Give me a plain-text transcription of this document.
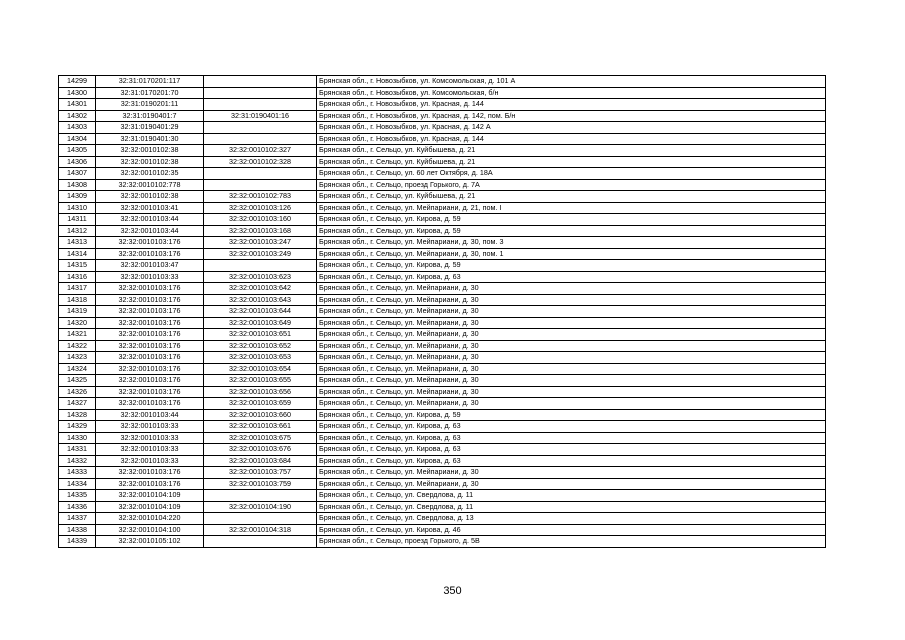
14299	32:31:0170201:117		Брянская обл., г. Новозыбков, ул. Комсомольская, д. 101 А
14300	32:31:0170201:70		Брянская обл., г. Новозыбков, ул. Комсомольская, б/н
14301	32:31:0190201:11		Брянская обл., г. Новозыбков, ул. Красная, д. 144
14302	32:31:0190401:7	32:31:0190401:16	Брянская обл., г. Новозыбков, ул. Красная, д. 142, пом. Б/н
14303	32:31:0190401:29		Брянская обл., г. Новозыбков, ул. Красная, д. 142 А
14304	32:31:0190401:30		Брянская обл., г. Новозыбков, ул. Красная, д. 144
14305	32:32:0010102:38	32:32:0010102:327	Брянская обл., г. Сельцо, ул. Куйбышева, д. 21
14306	32:32:0010102:38	32:32:0010102:328	Брянская обл., г. Сельцо, ул. Куйбышева, д. 21
14307	32:32:0010102:35		Брянская обл., г. Сельцо, ул. 60 лет Октября, д. 18А
14308	32:32:0010102:778		Брянская обл., г. Сельцо, проезд Горького, д. 7А
14309	32:32:0010102:38	32:32:0010102:783	Брянская обл., г. Сельцо, ул. Куйбышева, д. 21
14310	32:32:0010103:41	32:32:0010103:126	Брянская обл., г. Сельцо, ул. Мейпариани, д. 21, пом. I
14311	32:32:0010103:44	32:32:0010103:160	Брянская обл., г. Сельцо, ул. Кирова, д. 59
14312	32:32:0010103:44	32:32:0010103:168	Брянская обл., г. Сельцо, ул. Кирова, д. 59
14313	32:32:0010103:176	32:32:0010103:247	Брянская обл., г. Сельцо, ул. Мейпариани, д. 30, пом. 3
14314	32:32:0010103:176	32:32:0010103:249	Брянская обл., г. Сельцо, ул. Мейпариани, д. 30, пом. 1
14315	32:32:0010103:47		Брянская обл., г. Сельцо, ул. Кирова, д. 59
14316	32:32:0010103:33	32:32:0010103:623	Брянская обл., г. Сельцо, ул. Кирова, д. 63
14317	32:32:0010103:176	32:32:0010103:642	Брянская обл., г. Сельцо, ул. Мейпариани, д. 30
14318	32:32:0010103:176	32:32:0010103:643	Брянская обл., г. Сельцо, ул. Мейпариани, д. 30
14319	32:32:0010103:176	32:32:0010103:644	Брянская обл., г. Сельцо, ул. Мейпариани, д. 30
14320	32:32:0010103:176	32:32:0010103:649	Брянская обл., г. Сельцо, ул. Мейпариани, д. 30
14321	32:32:0010103:176	32:32:0010103:651	Брянская обл., г. Сельцо, ул. Мейпариани, д. 30
14322	32:32:0010103:176	32:32:0010103:652	Брянская обл., г. Сельцо, ул. Мейпариани, д. 30
14323	32:32:0010103:176	32:32:0010103:653	Брянская обл., г. Сельцо, ул. Мейпариани, д. 30
14324	32:32:0010103:176	32:32:0010103:654	Брянская обл., г. Сельцо, ул. Мейпариани, д. 30
14325	32:32:0010103:176	32:32:0010103:655	Брянская обл., г. Сельцо, ул. Мейпариани, д. 30
14326	32:32:0010103:176	32:32:0010103:656	Брянская обл., г. Сельцо, ул. Мейпариани, д. 30
14327	32:32:0010103:176	32:32:0010103:659	Брянская обл., г. Сельцо, ул. Мейпариани, д. 30
14328	32:32:0010103:44	32:32:0010103:660	Брянская обл., г. Сельцо, ул. Кирова, д. 59
14329	32:32:0010103:33	32:32:0010103:661	Брянская обл., г. Сельцо, ул. Кирова, д. 63
14330	32:32:0010103:33	32:32:0010103:675	Брянская обл., г. Сельцо, ул. Кирова, д. 63
14331	32:32:0010103:33	32:32:0010103:676	Брянская обл., г. Сельцо, ул. Кирова, д. 63
14332	32:32:0010103:33	32:32:0010103:684	Брянская обл., г. Сельцо, ул. Кирова, д. 63
14333	32:32:0010103:176	32:32:0010103:757	Брянская обл., г. Сельцо, ул. Мейпариани, д. 30
14334	32:32:0010103:176	32:32:0010103:759	Брянская обл., г. Сельцо, ул. Мейпариани, д. 30
14335	32:32:0010104:109		Брянская обл., г. Сельцо, ул. Свердлова, д. 11
14336	32:32:0010104:109	32:32:0010104:190	Брянская обл., г. Сельцо, ул. Свердлова, д. 11
14337	32:32:0010104:220		Брянская обл., г. Сельцо, ул. Свердлова, д. 13
14338	32:32:0010104:100	32:32:0010104:318	Брянская обл., г. Сельцо, ул. Кирова, д. 46
14339	32:32:0010105:102		Брянская обл., г. Сельцо, проезд Горького, д. 5В
350
